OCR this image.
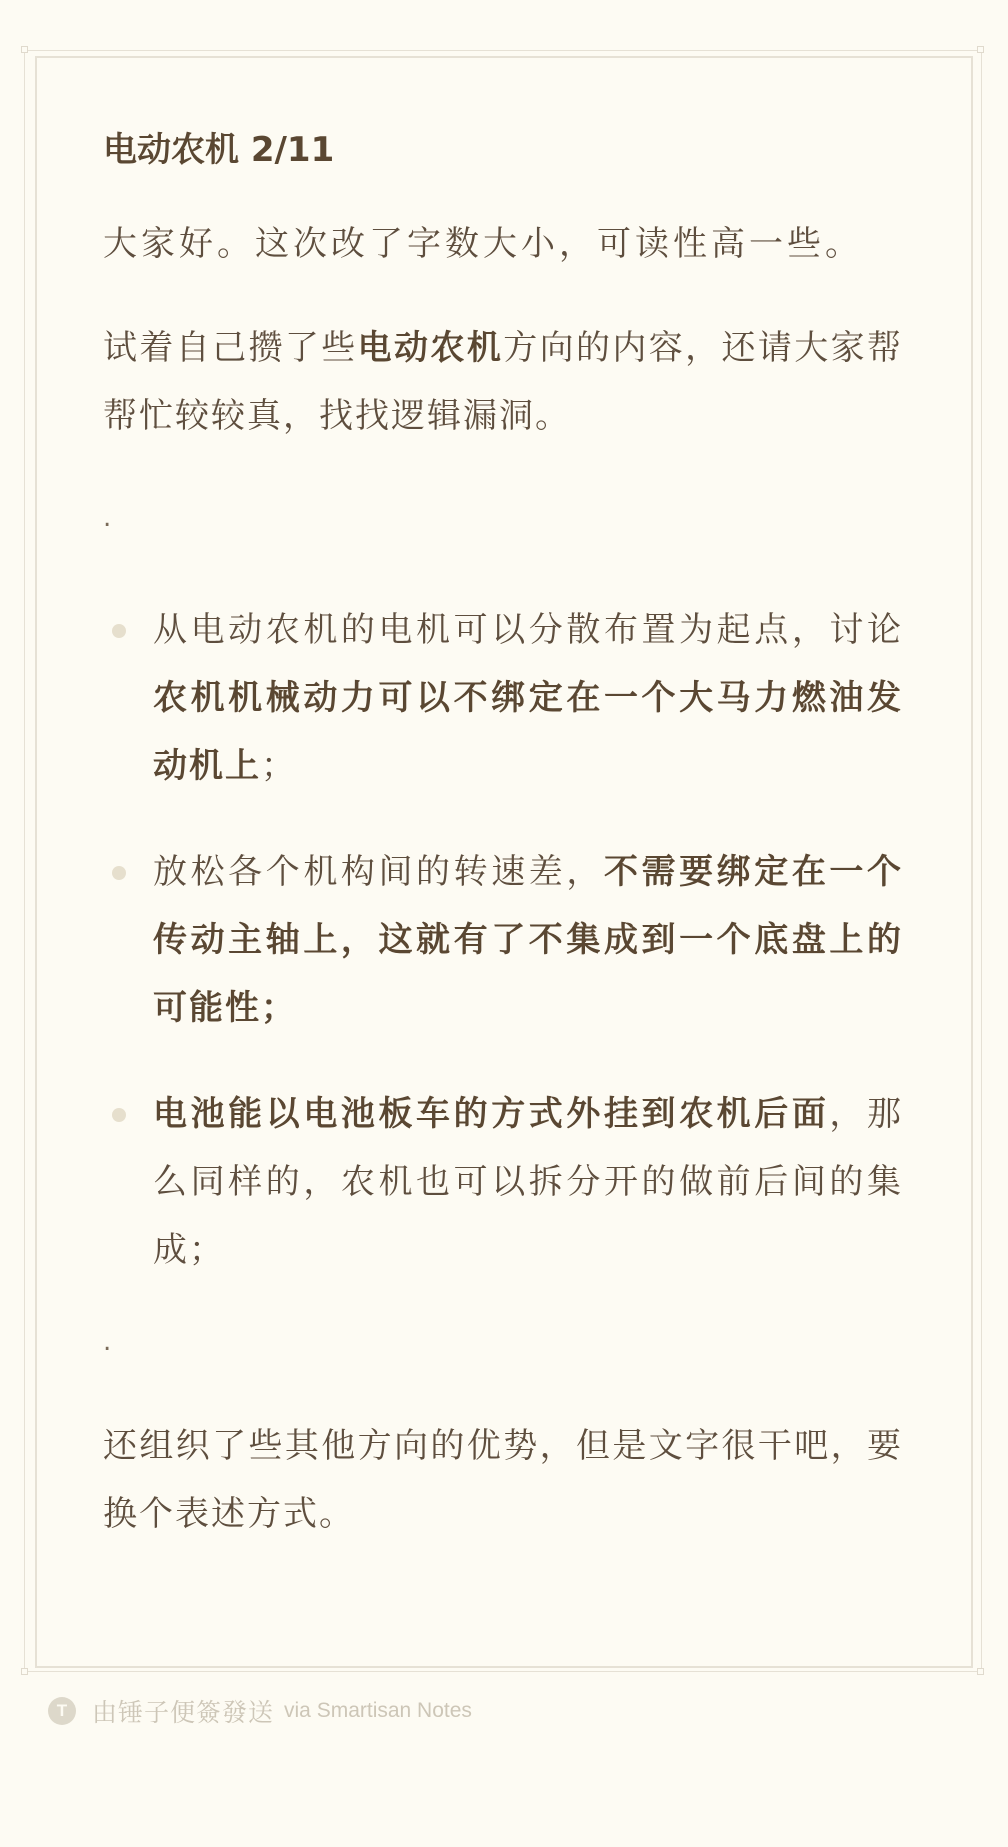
电动农机 2/11

大家好。这次改了字数大小，可读性高一些。

试着自己攒了些电动农机方向的内容，还请大家帮帮忙较较真，找找逻辑漏洞。

.

从电动农机的电机可以分散布置为起点，讨论农机机械动力可以不绑定在一个大马力燃油发动机上；
放松各个机构间的转速差，不需要绑定在一个传动主轴上，这就有了不集成到一个底盘上的可能性；
电池能以电池板车的方式外挂到农机后面，那么同样的，农机也可以拆分开的做前后间的集成；

.

还组织了些其他方向的优势，但是文字很干吧，要换个表述方式。

T 由锤子便簽發送 via Smartisan Notes
